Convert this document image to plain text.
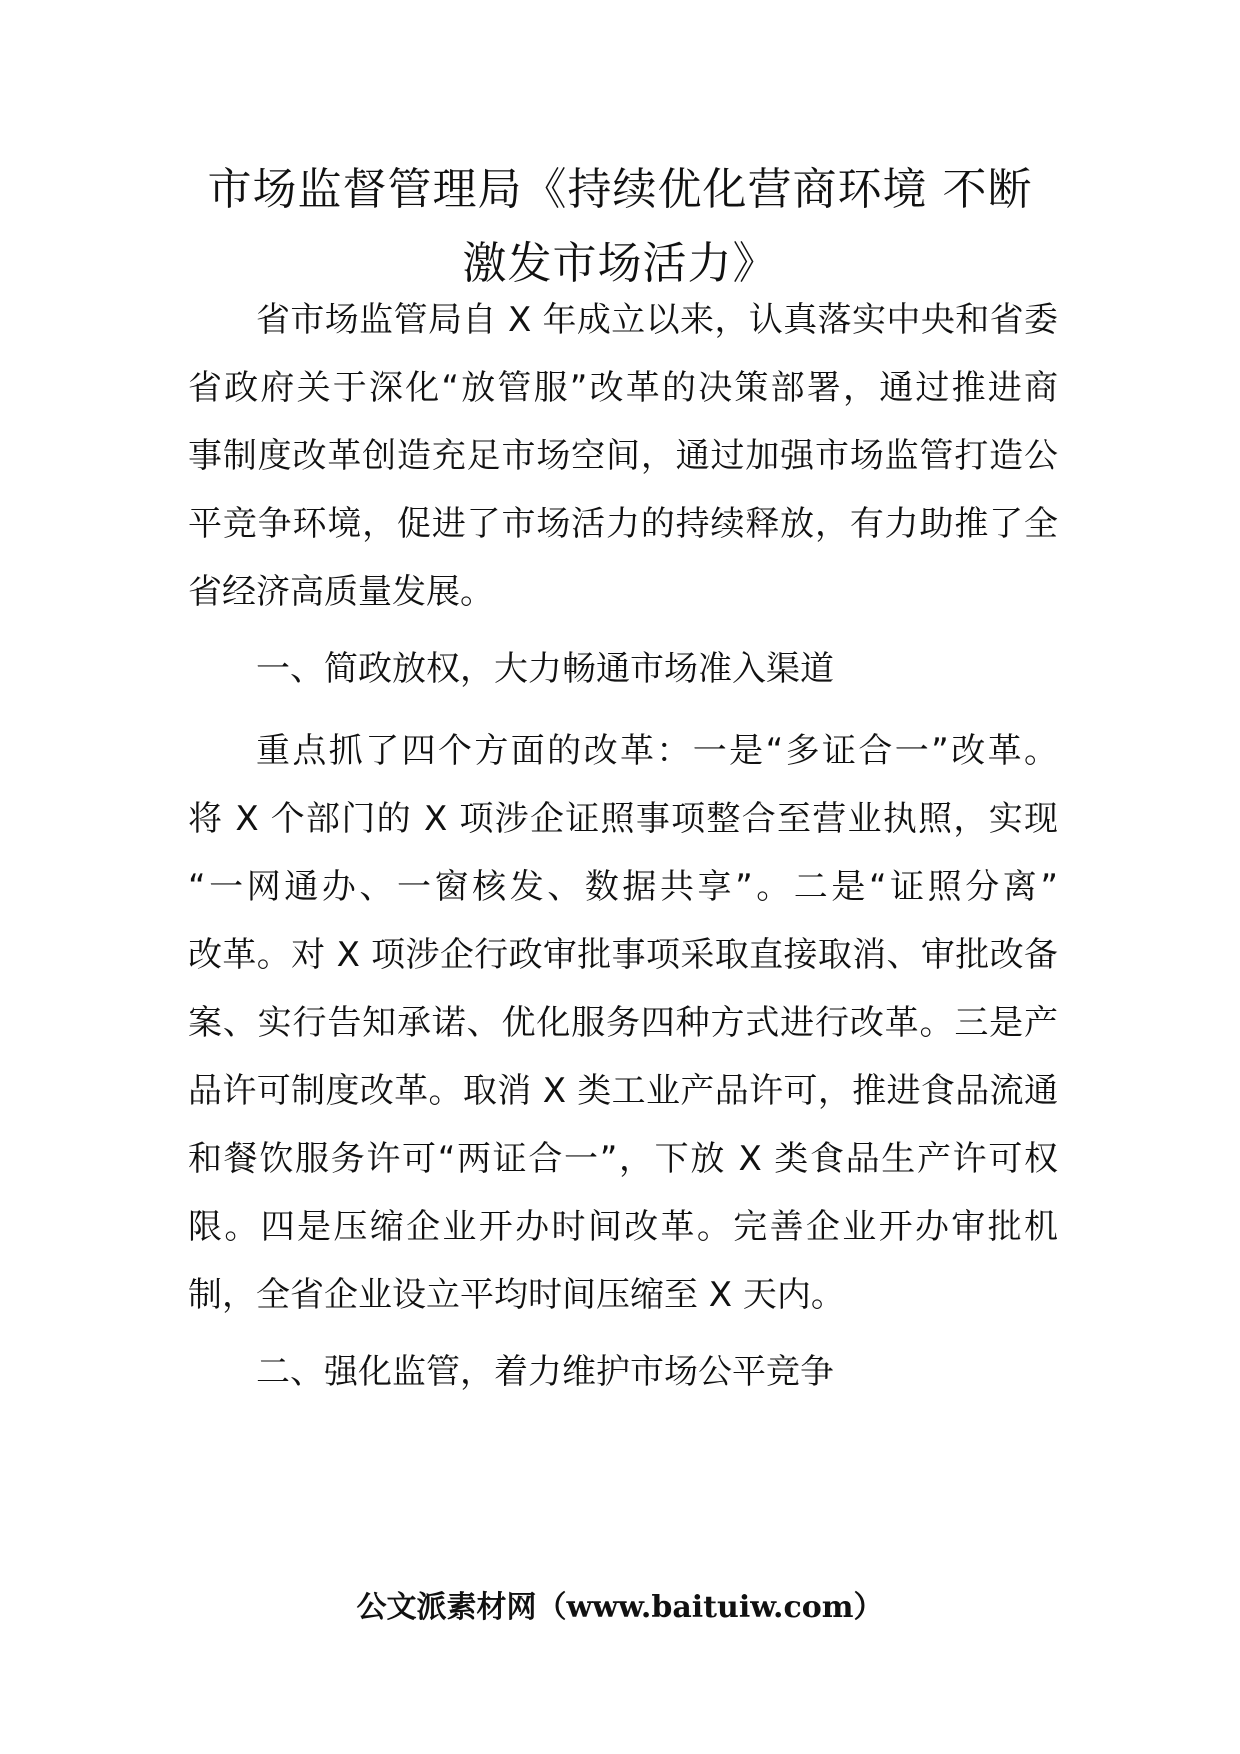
市场监督管理局《持续优化营商环境 不断
激发市场活力》

省市场监管局自 X 年成立以来，认真落实中央和省委

省政府关于深化“放管服”改革的决策部署，通过推进商

事制度改革创造充足市场空间，通过加强市场监管打造公

平竞争环境，促进了市场活力的持续释放，有力助推了全

省经济高质量发展。

一、简政放权，大力畅通市场准入渠道

重点抓了四个方面的改革：一是“多证合一”改革。

将 X 个部门的 X 项涉企证照事项整合至营业执照，实现

“一网通办、一窗核发、数据共享”。二是“证照分离”

改革。对 X 项涉企行政审批事项采取直接取消、审批改备

案、实行告知承诺、优化服务四种方式进行改革。三是产

品许可制度改革。取消 X 类工业产品许可，推进食品流通

和餐饮服务许可“两证合一”，下放 X 类食品生产许可权

限。四是压缩企业开办时间改革。完善企业开办审批机

制，全省企业设立平均时间压缩至 X 天内。

二、强化监管，着力维护市场公平竞争

公文派素材网（www.baituiw.com）
